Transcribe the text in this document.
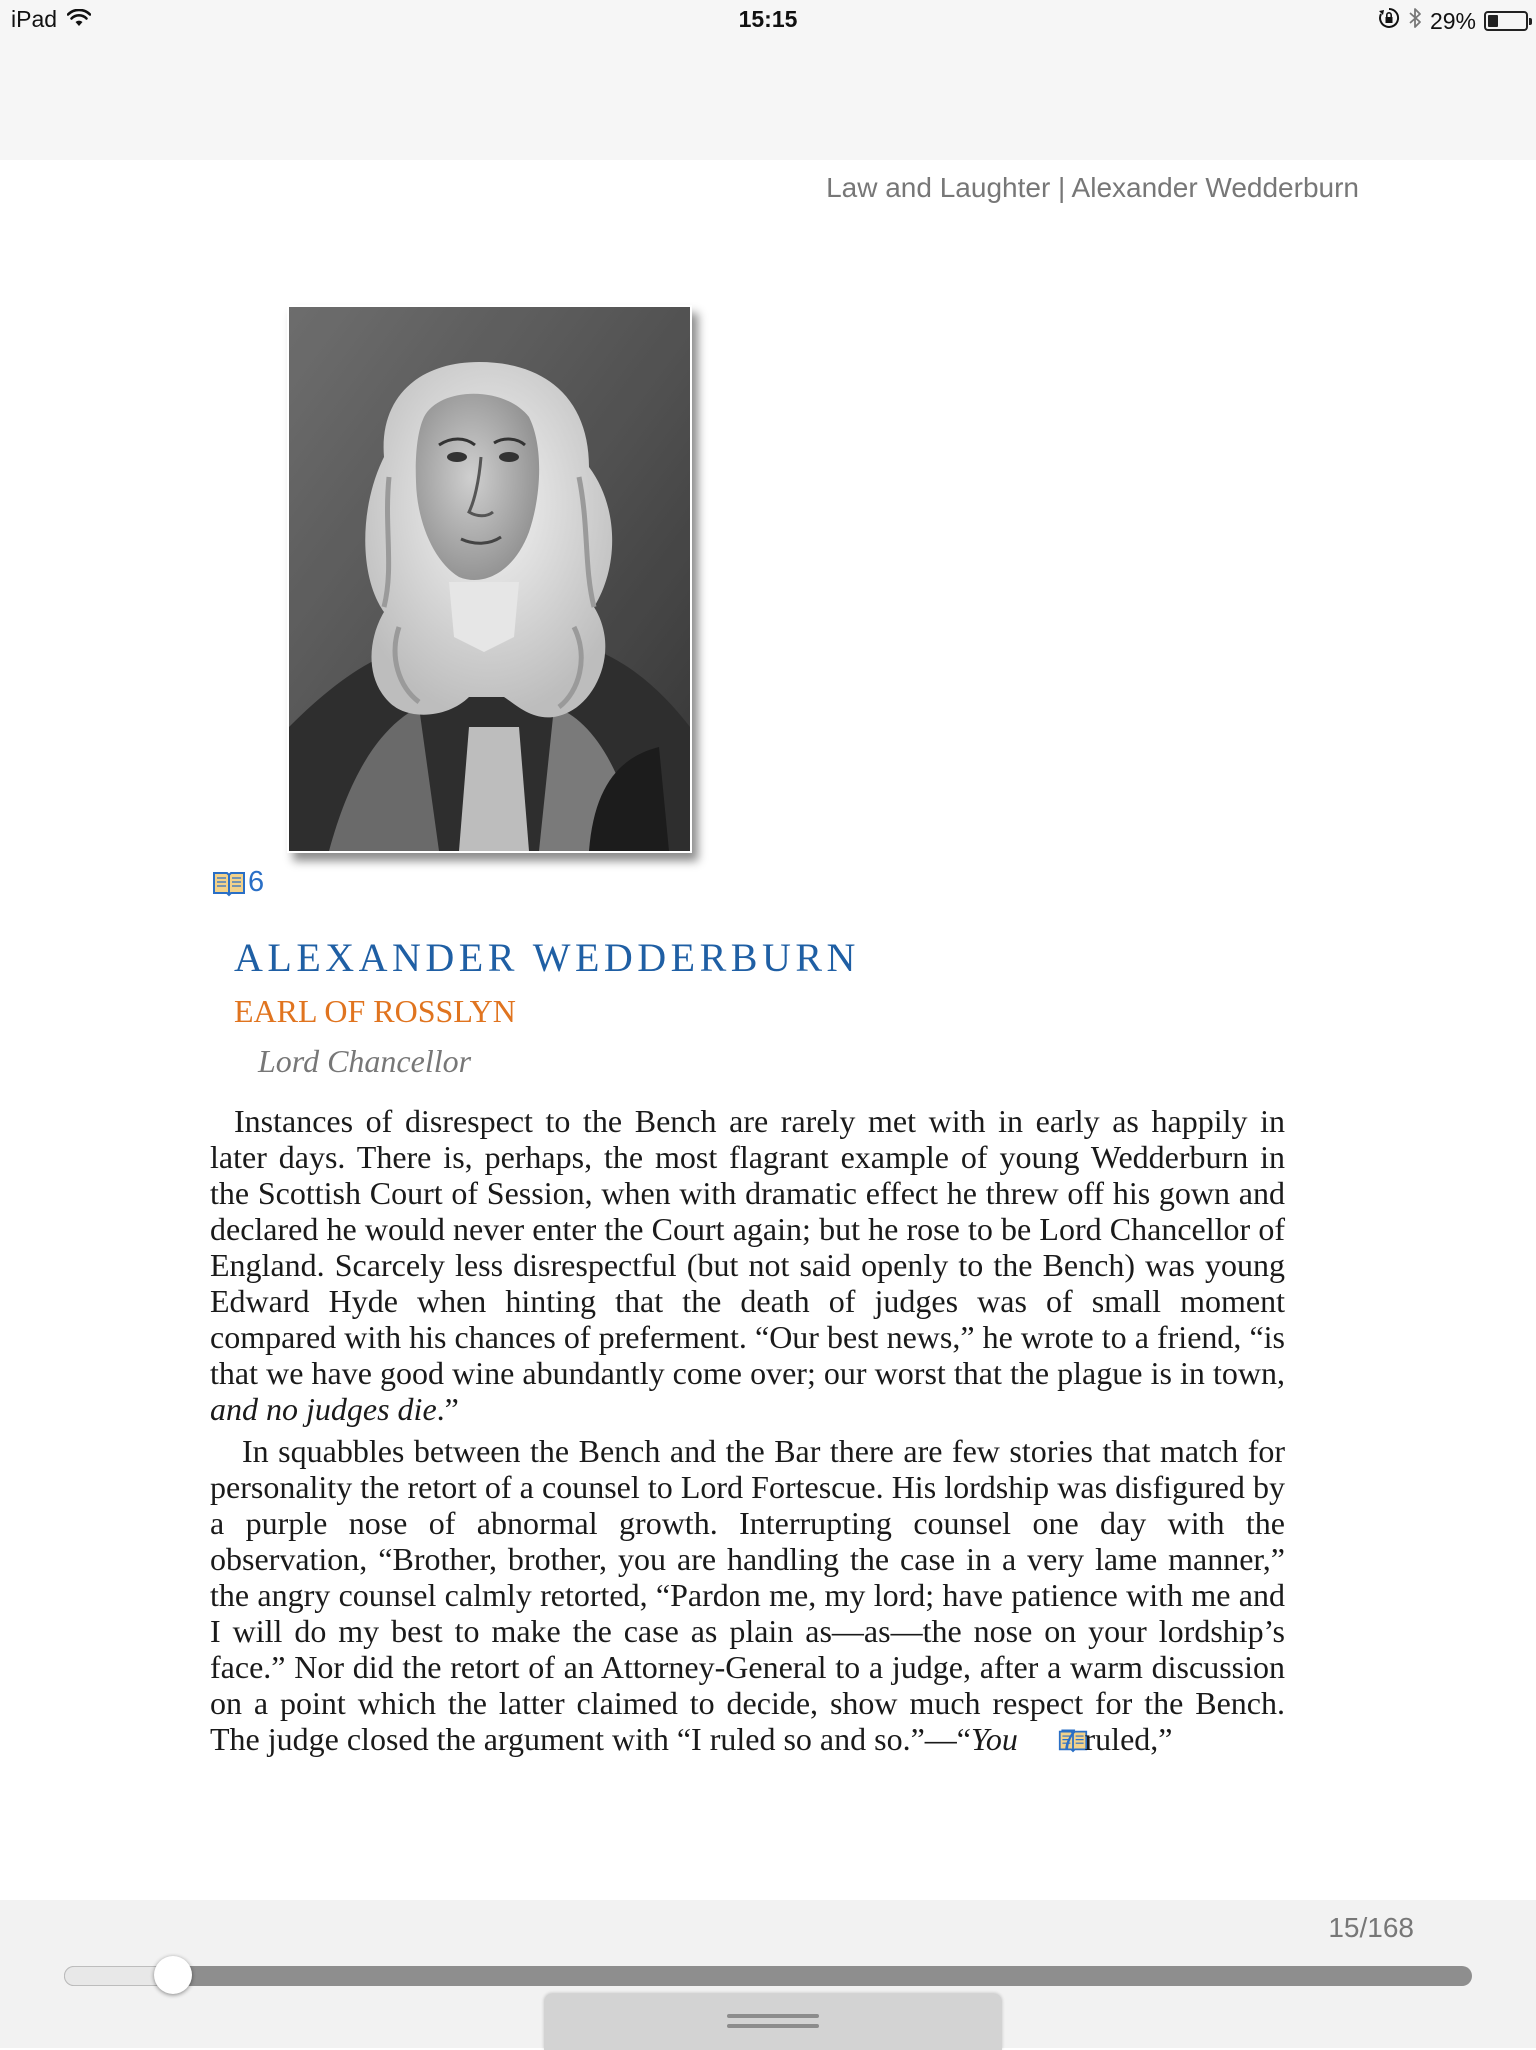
iPad	15:15	29%
Law and Laughter | Alexander Wedderburn
6
ALEXANDER WEDDERBURN
EARL OF ROSSLYN
Lord Chancellor

Instances of disrespect to the Bench are rarely met with in early as happily in later days. There is, perhaps, the most flagrant example of young Wedderburn in the Scottish Court of Session, when with dramatic effect he threw off his gown and declared he would never enter the Court again; but he rose to be Lord Chancellor of England. Scarcely less disrespectful (but not said openly to the Bench) was young Edward Hyde when hinting that the death of judges was of small moment compared with his chances of preferment. “Our best news,” he wrote to a friend, “is that we have good wine abundantly come over; our worst that the plague is in town, and no judges die.”

In squabbles between the Bench and the Bar there are few stories that match for personality the retort of a counsel to Lord Fortescue. His lordship was disfigured by a purple nose of abnormal growth. Interrupting counsel one day with the observation, “Brother, brother, you are handling the case in a very lame manner,” the angry counsel calmly retorted, “Pardon me, my lord; have patience with me and I will do my best to make the case as plain as—as—the nose on your lordship’s face.” Nor did the retort of an Attorney-General to a judge, after a warm discussion on a point which the latter claimed to decide, show much respect for the Bench. The judge closed the argument with “I ruled so and so.”—“You 7 ruled,”

15/168
